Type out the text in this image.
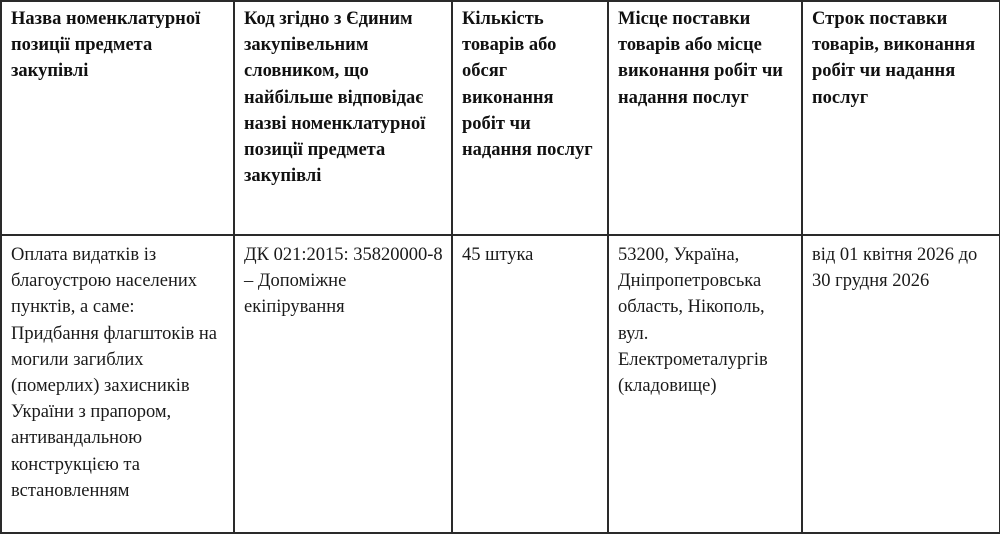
Назва номенклатурної позиції предмета закупівлі	Код згідно з Єдиним закупівельним словником, що найбільше відповідає назві номенклатурної позиції предмета закупівлі	Кількість товарів або обсяг виконання робіт чи надання послуг	Місце поставки товарів або місце виконання робіт чи надання послуг	Строк поставки товарів, виконання робіт чи надання послуг

Оплата видатків із благоустрою населених пунктів, а саме: Придбання флагштоків на могили загиблих (померлих) захисників України з прапором, антивандальною конструкцією та встановленням	ДК 021:2015: 35820000-8 – Допоміжне екіпірування	45 штука	53200, Україна, Дніпропетровська область, Нікополь, вул. Електрометалургів (кладовище)	від 01 квітня 2026 до 30 грудня 2026
